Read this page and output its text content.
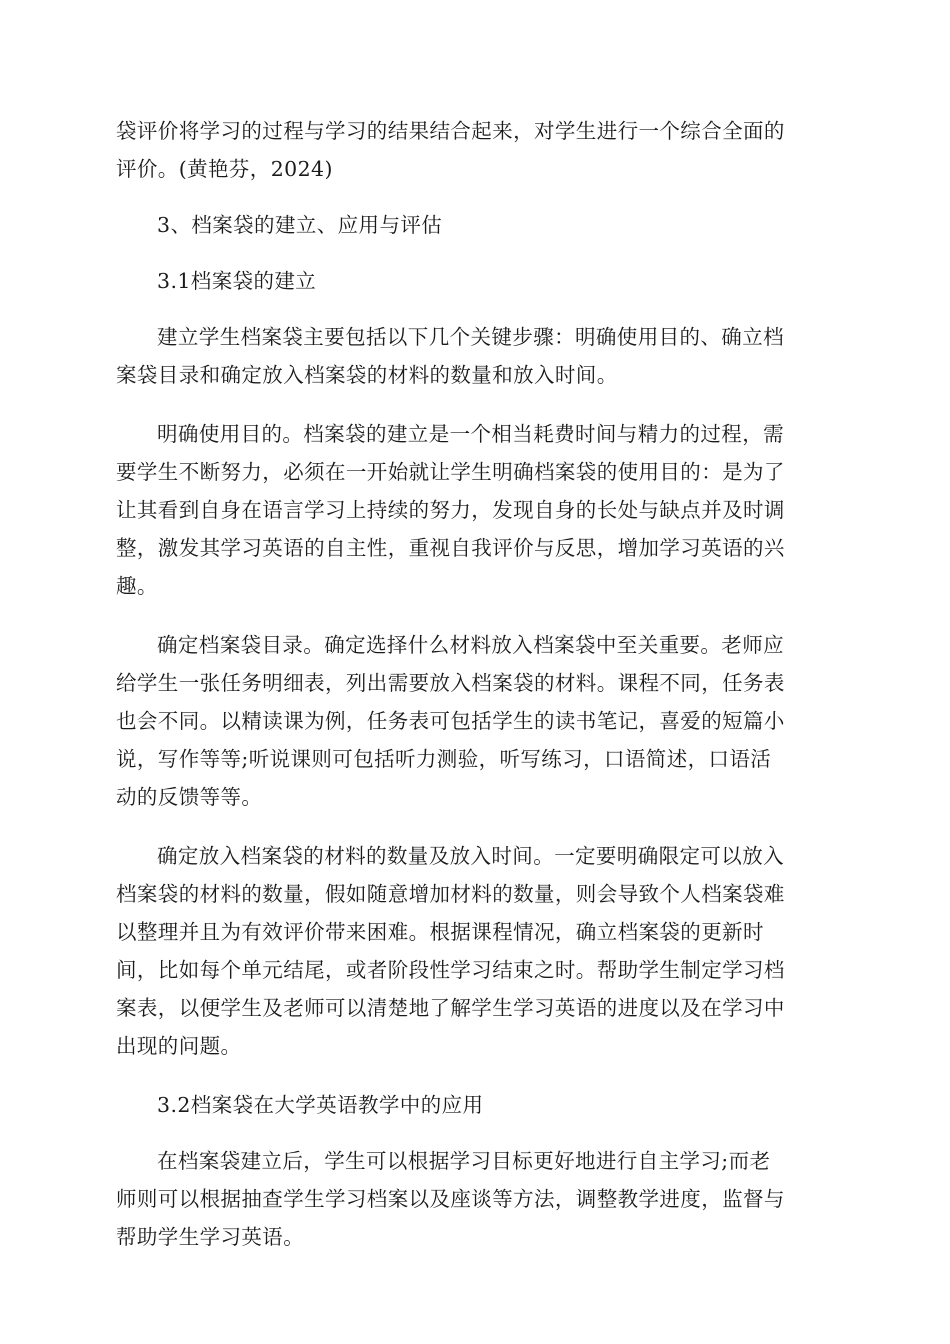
袋评价将学习的过程与学习的结果结合起来，对学生进行一个综合全面的
评价。(黄艳芬，2024)
3、档案袋的建立、应用与评估
3.1档案袋的建立
建立学生档案袋主要包括以下几个关键步骤：明确使用目的、确立档
案袋目录和确定放入档案袋的材料的数量和放入时间。
明确使用目的。档案袋的建立是一个相当耗费时间与精力的过程，需
要学生不断努力，必须在一开始就让学生明确档案袋的使用目的：是为了
让其看到自身在语言学习上持续的努力，发现自身的长处与缺点并及时调
整，激发其学习英语的自主性，重视自我评价与反思，增加学习英语的兴
趣。
确定档案袋目录。确定选择什么材料放入档案袋中至关重要。老师应
给学生一张任务明细表，列出需要放入档案袋的材料。课程不同，任务表
也会不同。以精读课为例，任务表可包括学生的读书笔记，喜爱的短篇小
说，写作等等;听说课则可包括听力测验，听写练习，口语简述，口语活
动的反馈等等。
确定放入档案袋的材料的数量及放入时间。一定要明确限定可以放入
档案袋的材料的数量，假如随意增加材料的数量，则会导致个人档案袋难
以整理并且为有效评价带来困难。根据课程情况，确立档案袋的更新时
间，比如每个单元结尾，或者阶段性学习结束之时。帮助学生制定学习档
案表，以便学生及老师可以清楚地了解学生学习英语的进度以及在学习中
出现的问题。
3.2档案袋在大学英语教学中的应用
在档案袋建立后，学生可以根据学习目标更好地进行自主学习;而老
师则可以根据抽查学生学习档案以及座谈等方法，调整教学进度，监督与
帮助学生学习英语。
